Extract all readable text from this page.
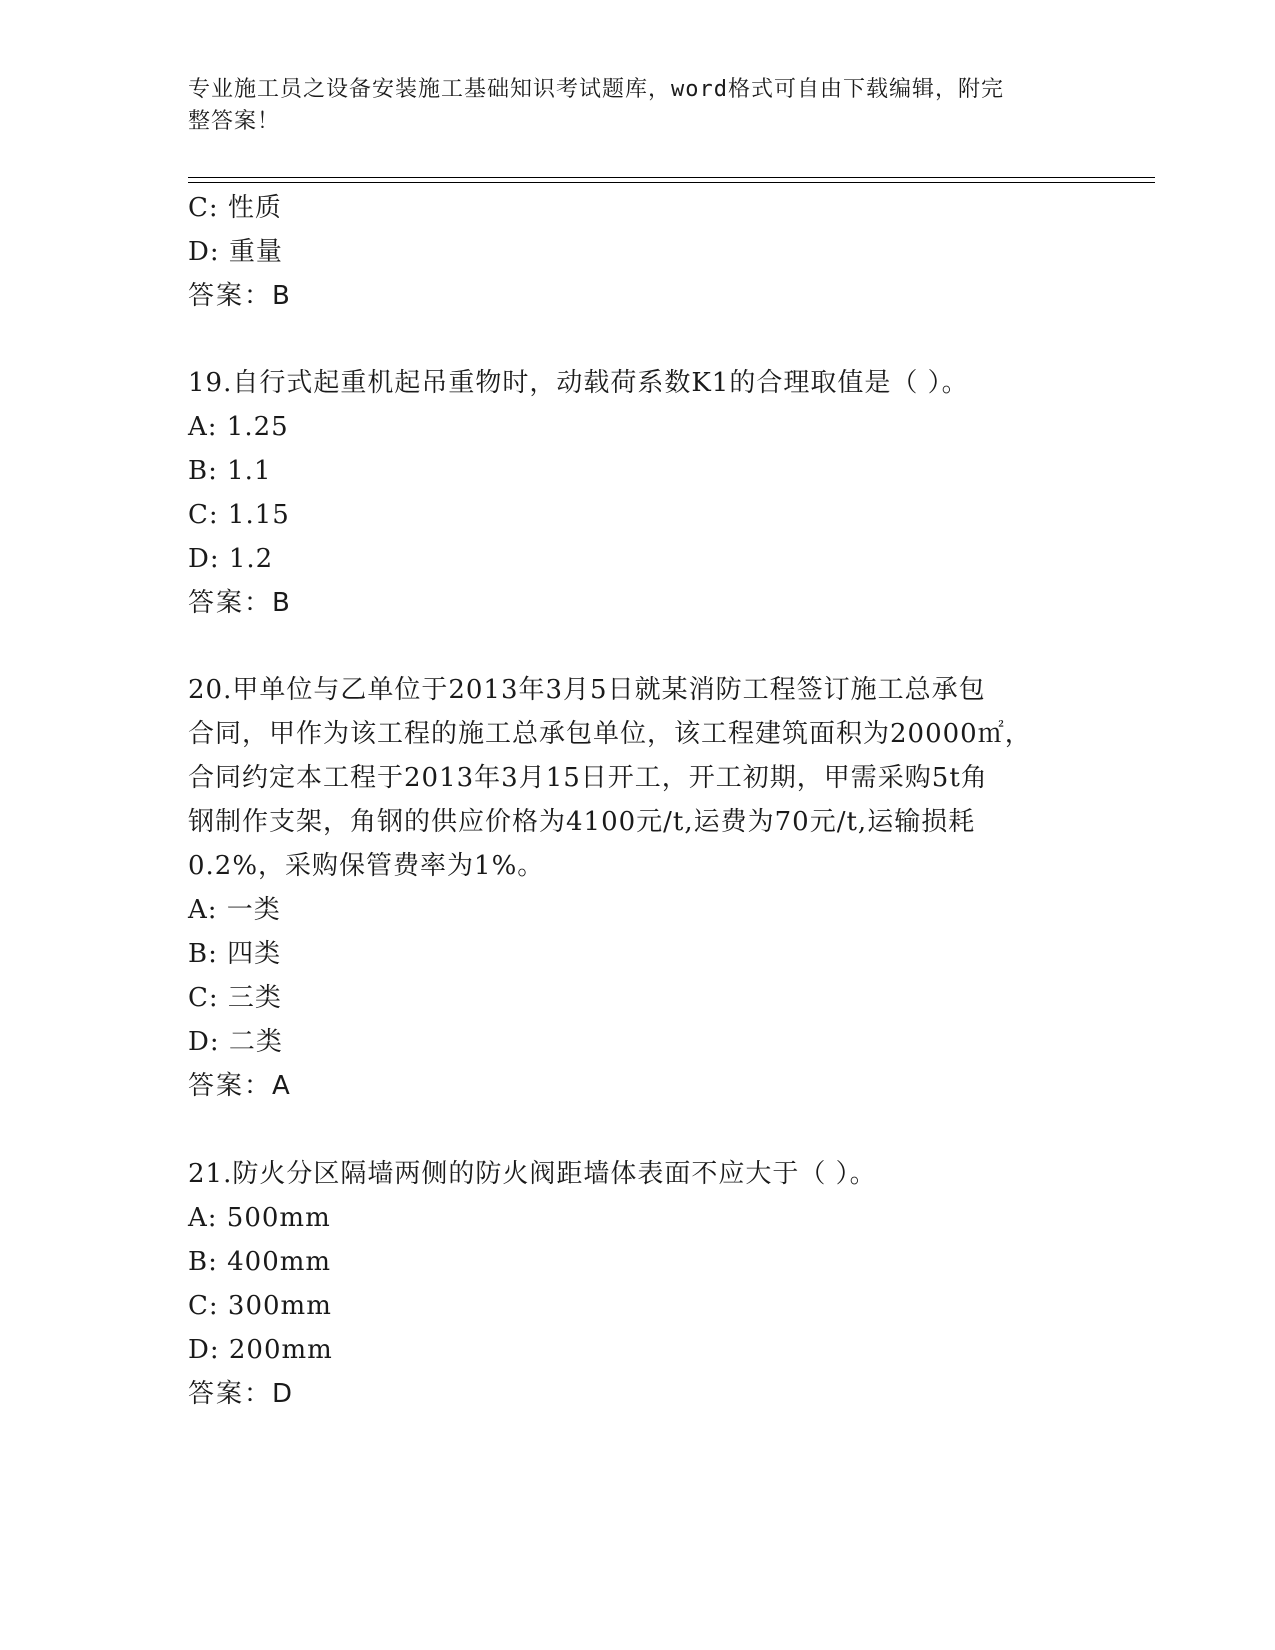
专业施工员之设备安装施工基础知识考试题库，word格式可自由下载编辑，附完
整答案！
C: 性质
D: 重量
答案：B
19.自行式起重机起吊重物时，动载荷系数K1的合理取值是（ ）。
A: 1.25
B: 1.1
C: 1.15
D: 1.2
答案：B
20.甲单位与乙单位于2013年3月5日就某消防工程签订施工总承包
合同，甲作为该工程的施工总承包单位，该工程建筑面积为20000㎡，
合同约定本工程于2013年3月15日开工，开工初期，甲需采购5t角
钢制作支架，角钢的供应价格为4100元/t,运费为70元/t,运输损耗
0.2%，采购保管费率为1%。
A: 一类
B: 四类
C: 三类
D: 二类
答案：A
21.防火分区隔墙两侧的防火阀距墙体表面不应大于（ ）。
A: 500mm
B: 400mm
C: 300mm
D: 200mm
答案：D
